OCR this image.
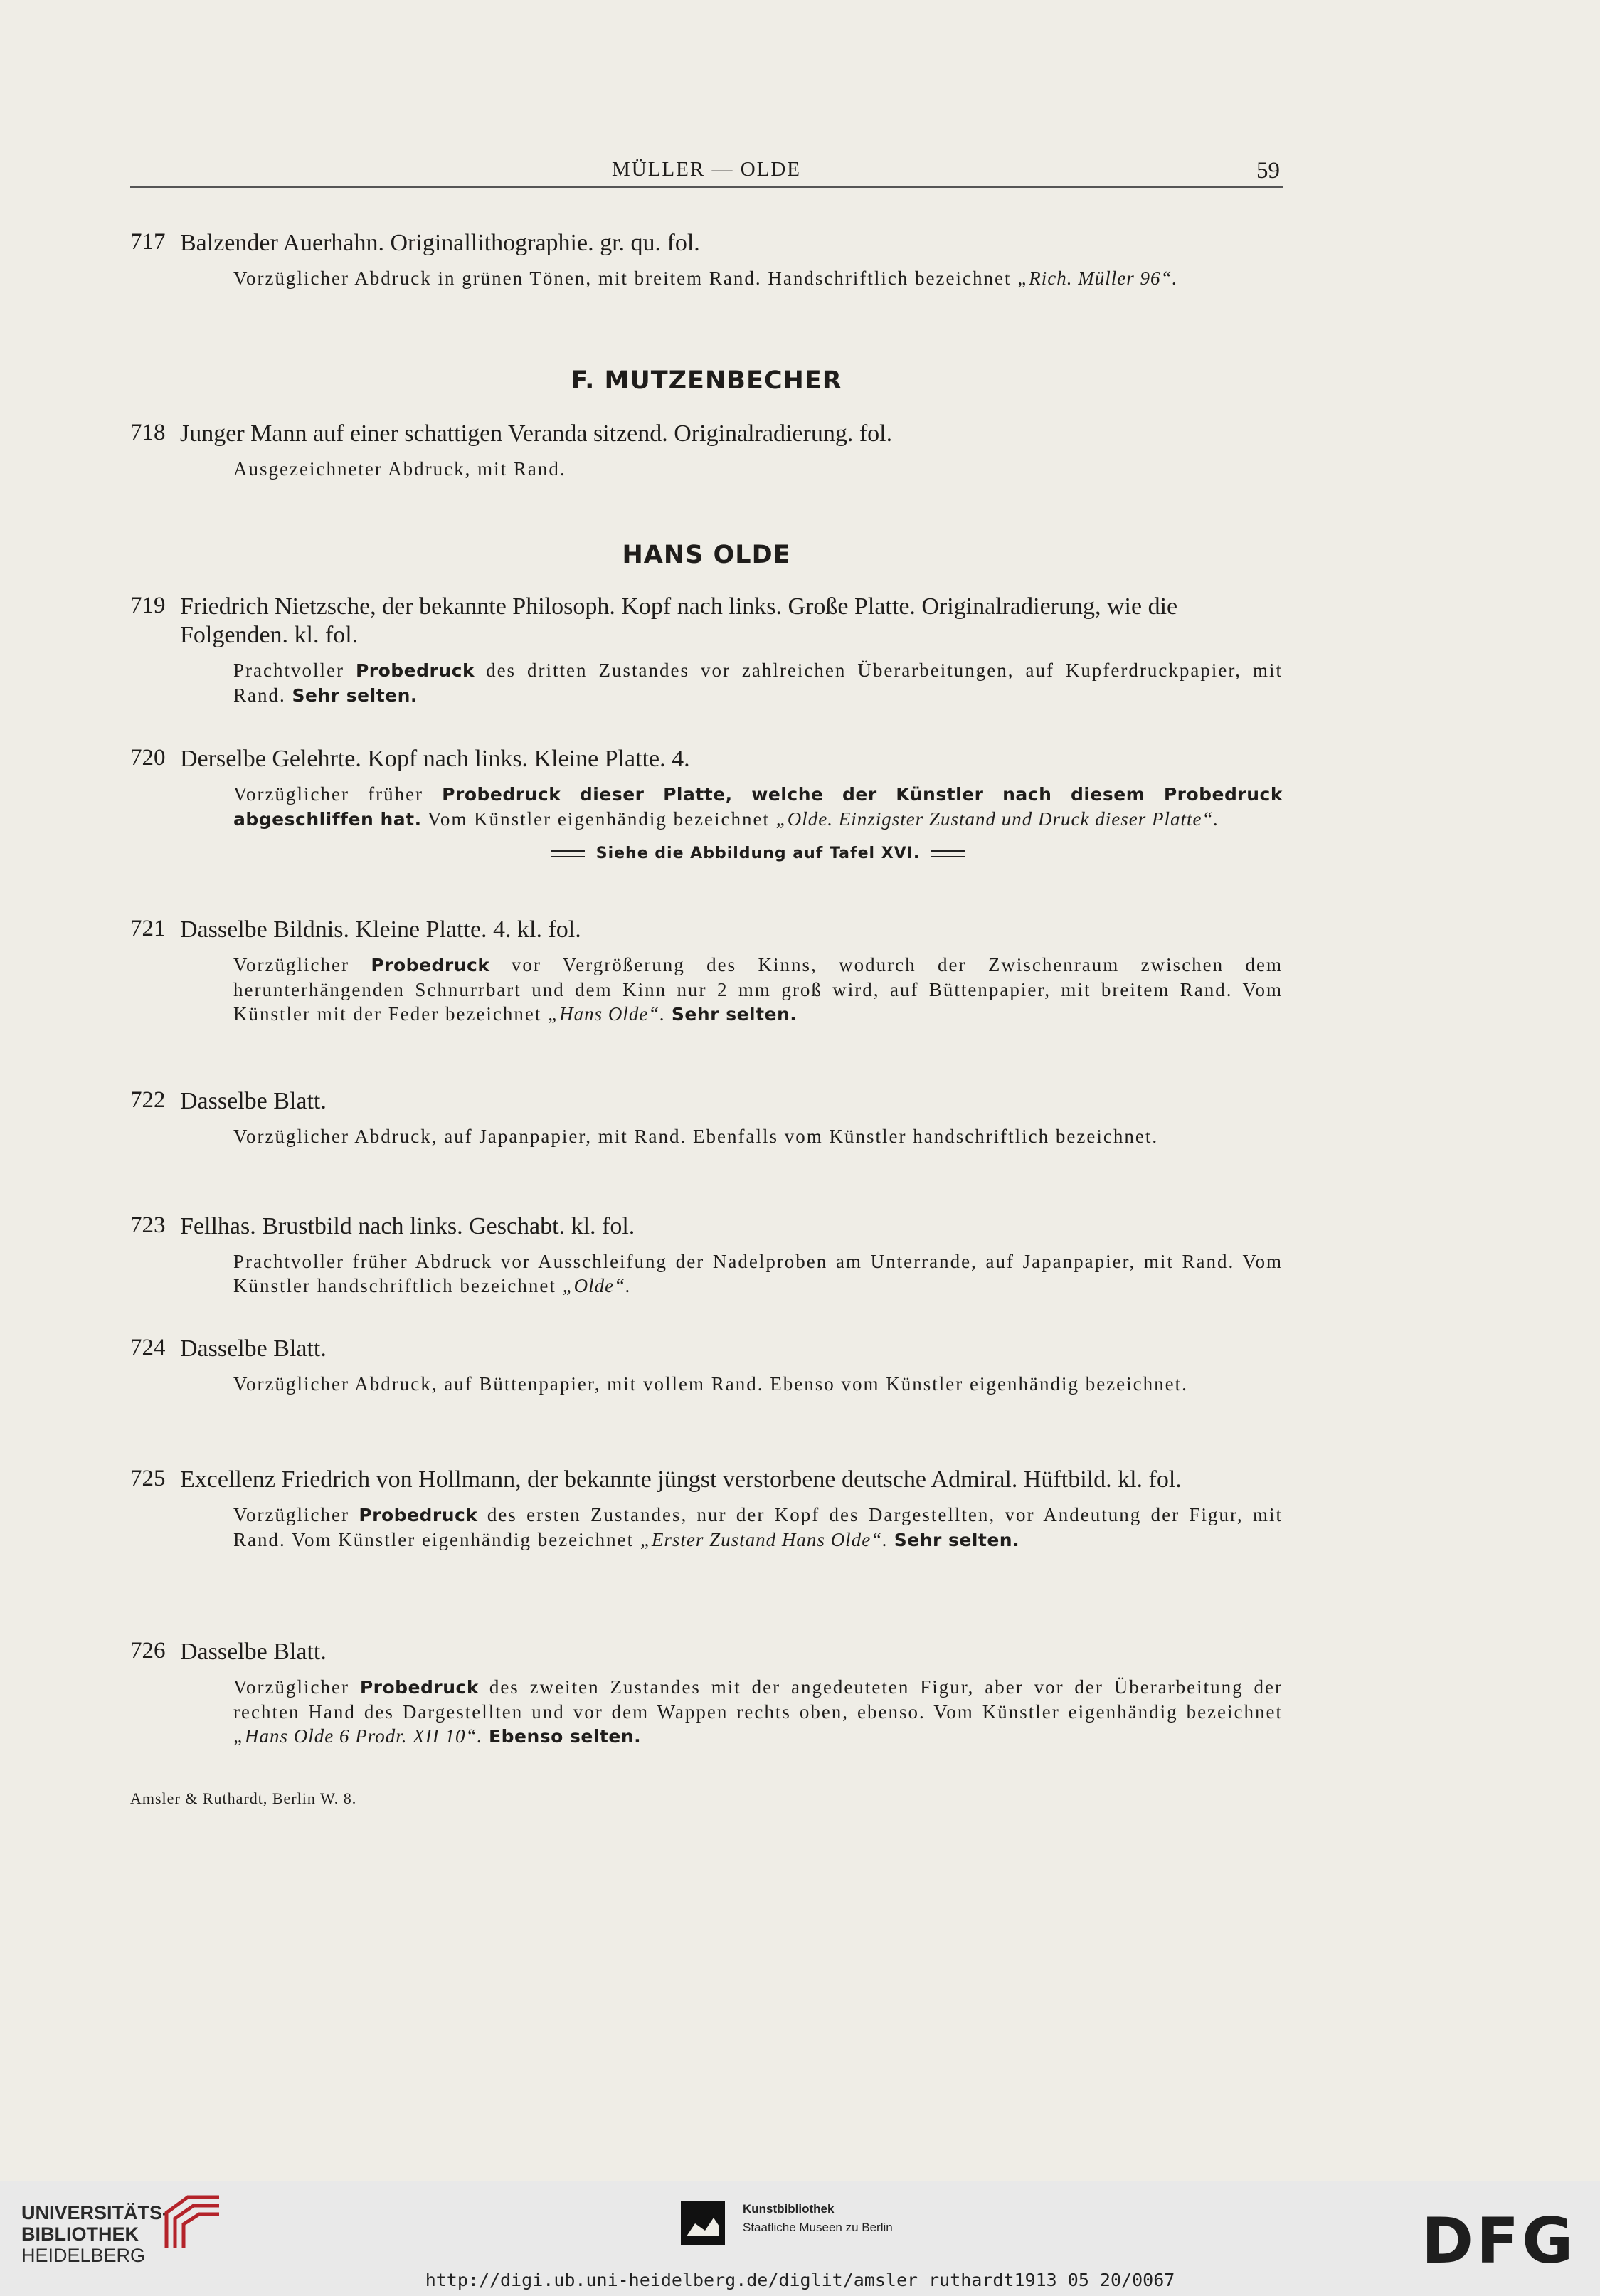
MÜLLER — OLDE	59
717 Balzender Auerhahn. Originallithographie. gr. qu. fol.
Vorzüglicher Abdruck in grünen Tönen, mit breitem Rand. Handschriftlich bezeichnet „Rich. Müller 96“.
F. MUTZENBECHER
718 Junger Mann auf einer schattigen Veranda sitzend. Originalradierung. fol.
Ausgezeichneter Abdruck, mit Rand.
HANS OLDE
719 Friedrich Nietzsche, der bekannte Philosoph. Kopf nach links. Große Platte. Originalradierung, wie die Folgenden. kl. fol.
Prachtvoller Probedruck des dritten Zustandes vor zahlreichen Überarbeitungen, auf Kupferdruckpapier, mit Rand. Sehr selten.
720 Derselbe Gelehrte. Kopf nach links. Kleine Platte. 4.
Vorzüglicher früher Probedruck dieser Platte, welche der Künstler nach diesem Probedruck abgeschliffen hat. Vom Künstler eigenhändig bezeichnet „Olde. Einzigster Zustand und Druck dieser Platte“.
Siehe die Abbildung auf Tafel XVI.
721 Dasselbe Bildnis. Kleine Platte. 4. kl. fol.
Vorzüglicher Probedruck vor Vergrößerung des Kinns, wodurch der Zwischenraum zwischen dem herunterhängenden Schnurrbart und dem Kinn nur 2 mm groß wird, auf Büttenpapier, mit breitem Rand. Vom Künstler mit der Feder bezeichnet „Hans Olde“. Sehr selten.
722 Dasselbe Blatt.
Vorzüglicher Abdruck, auf Japanpapier, mit Rand. Ebenfalls vom Künstler handschriftlich bezeichnet.
723 Fellhas. Brustbild nach links. Geschabt. kl. fol.
Prachtvoller früher Abdruck vor Ausschleifung der Nadelproben am Unterrande, auf Japanpapier, mit Rand. Vom Künstler handschriftlich bezeichnet „Olde“.
724 Dasselbe Blatt.
Vorzüglicher Abdruck, auf Büttenpapier, mit vollem Rand. Ebenso vom Künstler eigenhändig bezeichnet.
725 Excellenz Friedrich von Hollmann, der bekannte jüngst verstorbene deutsche Admiral. Hüftbild. kl. fol.
Vorzüglicher Probedruck des ersten Zustandes, nur der Kopf des Dargestellten, vor Andeutung der Figur, mit Rand. Vom Künstler eigenhändig bezeichnet „Erster Zustand Hans Olde“. Sehr selten.
726 Dasselbe Blatt.
Vorzüglicher Probedruck des zweiten Zustandes mit der angedeuteten Figur, aber vor der Überarbeitung der rechten Hand des Dargestellten und vor dem Wappen rechts oben, ebenso. Vom Künstler eigenhändig bezeichnet „Hans Olde 6 Prodr. XII 10“. Ebenso selten.
Amsler & Ruthardt, Berlin W. 8.
UNIVERSITÄTS-
BIBLIOTHEK
HEIDELBERG
Kunstbibliothek
Staatliche Museen zu Berlin	DFG
http://digi.ub.uni-heidelberg.de/diglit/amsler_ruthardt1913_05_20/0067
